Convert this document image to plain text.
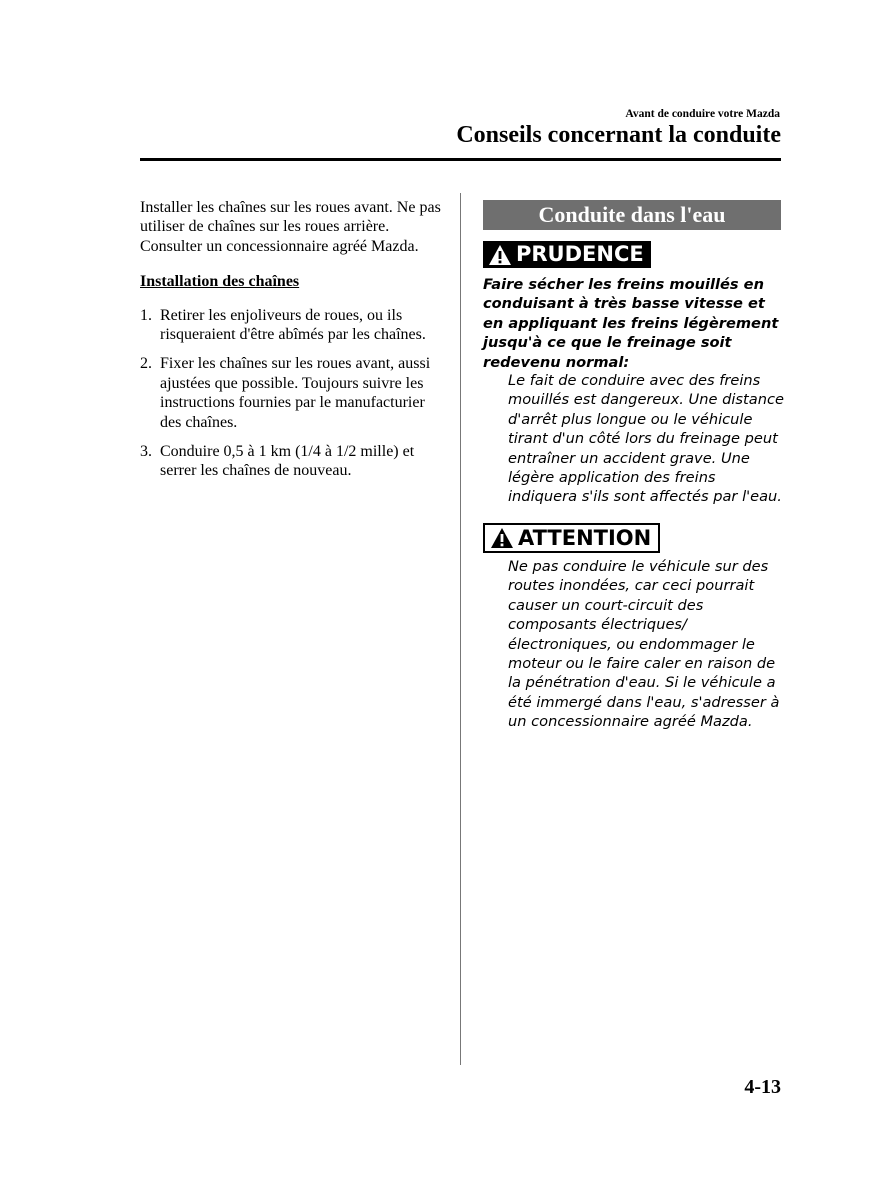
Avant de conduire votre Mazda
Conseils concernant la conduite

Installer les chaînes sur les roues avant. Ne pas utiliser de chaînes sur les roues arrière.

Consulter un concessionnaire agréé Mazda.

Installation des chaînes

1. Retirer les enjoliveurs de roues, ou ils risqueraient d'être abîmés par les chaînes.
2. Fixer les chaînes sur les roues avant, aussi ajustées que possible. Toujours suivre les instructions fournies par le manufacturier des chaînes.
3. Conduire 0,5 à 1 km (1/4 à 1/2 mille) et serrer les chaînes de nouveau.
Conduite dans l'eau
PRUDENCE

Faire sécher les freins mouillés en conduisant à très basse vitesse et en appliquant les freins légèrement jusqu'à ce que le freinage soit redevenu normal:

Le fait de conduire avec des freins mouillés est dangereux. Une distance d'arrêt plus longue ou le véhicule tirant d'un côté lors du freinage peut entraîner un accident grave. Une légère application des freins indiquera s'ils sont affectés par l'eau.

ATTENTION

Ne pas conduire le véhicule sur des routes inondées, car ceci pourrait causer un court-circuit des composants électriques/ électroniques, ou endommager le moteur ou le faire caler en raison de la pénétration d'eau. Si le véhicule a été immergé dans l'eau, s'adresser à un concessionnaire agréé Mazda.

4-13
